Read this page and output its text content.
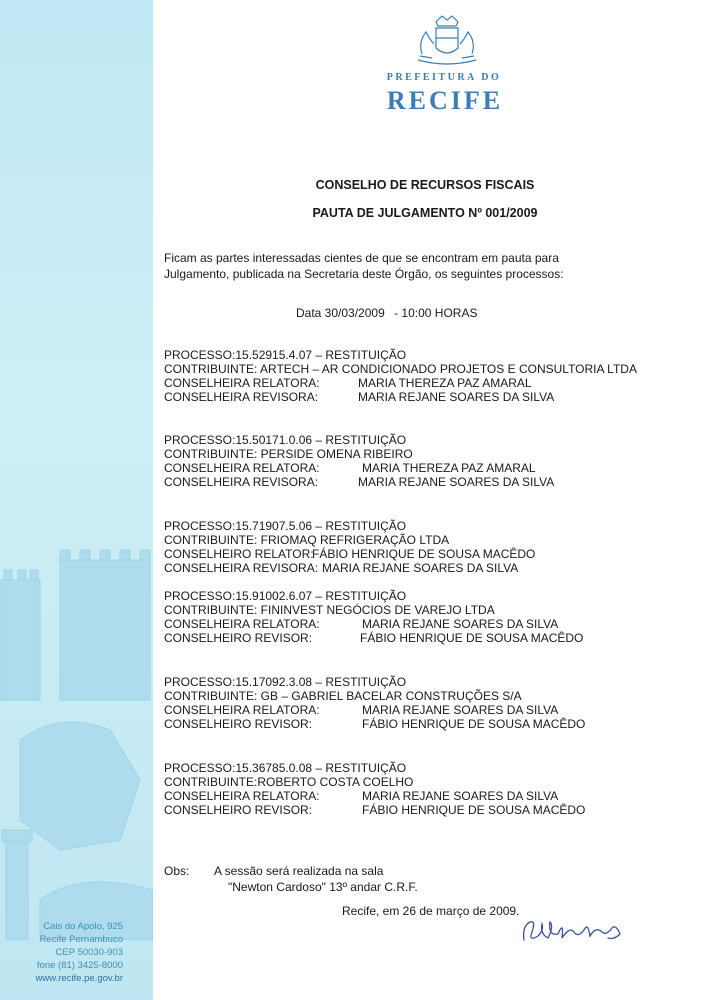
Cais do Apolo, 925
Recife Pernambuco
CEP 50030-903
fone (81) 3425-8000
www.recife.pe.gov.br
PREFEITURA DO
RECIFE
CONSELHO DE RECURSOS FISCAIS
PAUTA DE JULGAMENTO Nº 001/2009
Ficam as partes interessadas cientes de que se encontram em pauta para
Julgamento, publicada na Secretaria deste Órgão, os seguintes processos:
Data 30/03/2009 - 10:00 HORAS
PROCESSO:15.52915.4.07 – RESTITUIÇÃO
CONTRIBUINTE: ARTECH – AR CONDICIONADO PROJETOS E CONSULTORIA LTDA
CONSELHEIRA RELATORA:	MARIA THEREZA PAZ AMARAL
CONSELHEIRA REVISORA:	MARIA REJANE SOARES DA SILVA
PROCESSO:15.50171.0.06 – RESTITUIÇÃO
CONTRIBUINTE: PERSIDE OMENA RIBEIRO
CONSELHEIRA RELATORA:	MARIA THEREZA PAZ AMARAL
CONSELHEIRA REVISORA:	MARIA REJANE SOARES DA SILVA
PROCESSO:15.71907.5.06 – RESTITUIÇÃO
CONTRIBUINTE: FRIOMAQ REFRIGERAÇÃO LTDA
CONSELHEIRO RELATOR:
FÁBIO HENRIQUE DE SOUSA MACÊDO
CONSELHEIRA REVISORA: MARIA REJANE SOARES DA SILVA
PROCESSO:15.91002.6.07 – RESTITUIÇÃO
CONTRIBUINTE: FININVEST NEGÓCIOS DE VAREJO LTDA
CONSELHEIRA RELATORA:	MARIA REJANE SOARES DA SILVA
CONSELHEIRO REVISOR:	FÁBIO HENRIQUE DE SOUSA MACÊDO
PROCESSO:15.17092.3.08 – RESTITUIÇÃO
CONTRIBUINTE: GB – GABRIEL BACELAR CONSTRUÇÕES S/A
CONSELHEIRA RELATORA:	MARIA REJANE SOARES DA SILVA
CONSELHEIRO REVISOR:	FÁBIO HENRIQUE DE SOUSA MACÊDO
PROCESSO:15.36785.0.08 – RESTITUIÇÃO
CONTRIBUINTE:ROBERTO COSTA COELHO
CONSELHEIRA RELATORA:	MARIA REJANE SOARES DA SILVA
CONSELHEIRO REVISOR:	FÁBIO HENRIQUE DE SOUSA MACÊDO
Obs: A sessão será realizada na sala
"Newton Cardoso" 13º andar C.R.F.
Recife, em 26 de março de 2009.
